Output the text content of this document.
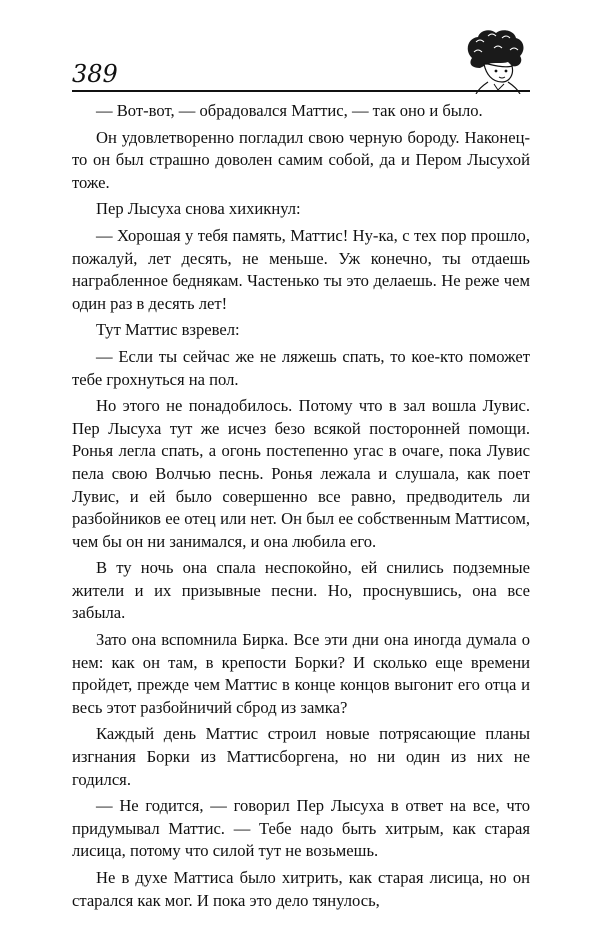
389

— Вот-вот, — обрадовался Маттис, — так оно и было.

Он удовлетворенно погладил свою черную бороду. Наконец-то он был страшно доволен самим собой, да и Пером Лысухой тоже.

Пер Лысуха снова хихикнул:

— Хорошая у тебя память, Маттис! Ну-ка, с тех пор прошло, пожалуй, лет десять, не меньше. Уж конечно, ты отдаешь награбленное беднякам. Частенько ты это делаешь. Не реже чем один раз в десять лет!

Тут Маттис взревел:

— Если ты сейчас же не ляжешь спать, то кое-кто поможет тебе грохнуться на пол.

Но этого не понадобилось. Потому что в зал вошла Лувис. Пер Лысуха тут же исчез безо всякой посторонней помощи. Ронья легла спать, а огонь постепенно угас в очаге, пока Лувис пела свою Волчью песнь. Ронья лежала и слушала, как поет Лувис, и ей было совершенно все равно, предводитель ли разбойников ее отец или нет. Он был ее собственным Маттисом, чем бы он ни занимался, и она любила его.

В ту ночь она спала неспокойно, ей снились подземные жители и их призывные песни. Но, проснувшись, она все забыла.

Зато она вспомнила Бирка. Все эти дни она иногда думала о нем: как он там, в крепости Борки? И сколько еще времени пройдет, прежде чем Маттис в конце концов выгонит его отца и весь этот разбойничий сброд из замка?

Каждый день Маттис строил новые потрясающие планы изгнания Борки из Маттисборгена, но ни один из них не годился.

— Не годится, — говорил Пер Лысуха в ответ на все, что придумывал Маттис. — Тебе надо быть хитрым, как старая лисица, потому что силой тут не возьмешь.

Не в духе Маттиса было хитрить, как старая лисица, но он старался как мог. И пока это дело тянулось,
